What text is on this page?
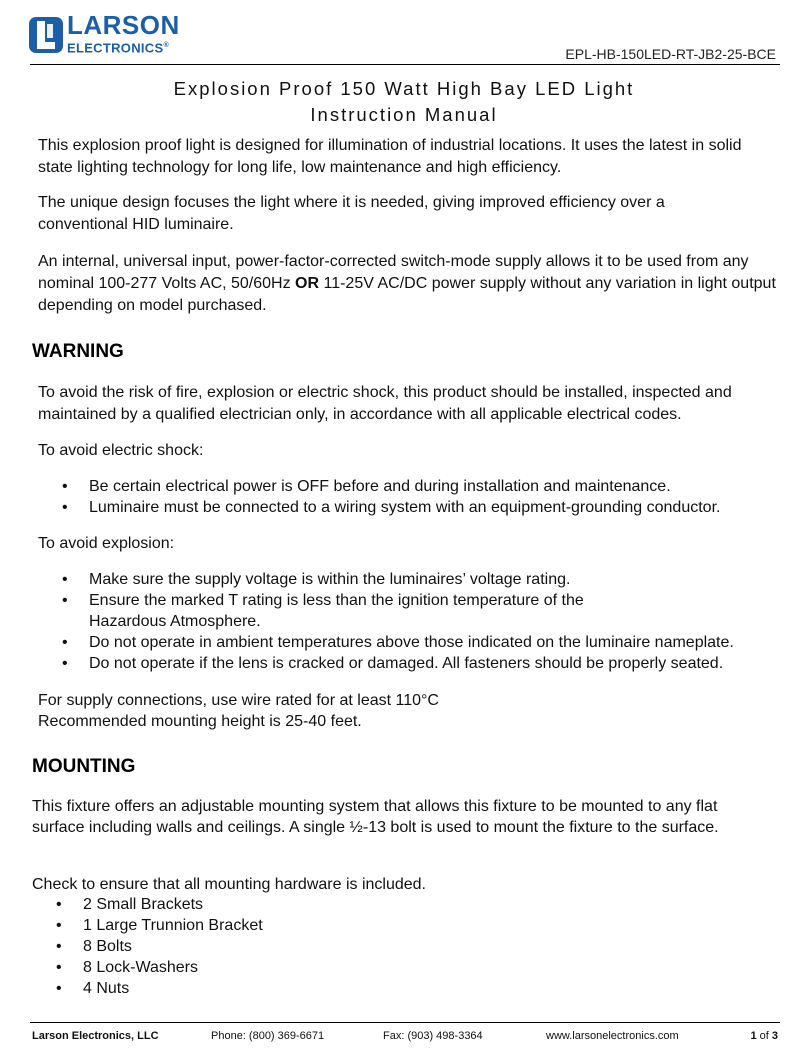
LARSON
ELECTRONICS®
EPL-HB-150LED-RT-JB2-25-BCE
Explosion Proof 150 Watt High Bay LED Light
Instruction Manual

This explosion proof light is designed for illumination of industrial locations. It uses the latest in solid state lighting technology for long life, low maintenance and high efficiency.

The unique design focuses the light where it is needed, giving improved efficiency over a conventional HID luminaire.

An internal, universal input, power-factor-corrected switch-mode supply allows it to be used from any nominal 100-277 Volts AC, 50/60Hz OR 11-25V AC/DC power supply without any variation in light output depending on model purchased.

WARNING

To avoid the risk of fire, explosion or electric shock, this product should be installed, inspected and maintained by a qualified electrician only, in accordance with all applicable electrical codes.

To avoid electric shock:
• Be certain electrical power is OFF before and during installation and maintenance.
• Luminaire must be connected to a wiring system with an equipment-grounding conductor.
To avoid explosion:
• Make sure the supply voltage is within the luminaires’ voltage rating.
• Ensure the marked T rating is less than the ignition temperature of the Hazardous Atmosphere.
• Do not operate in ambient temperatures above those indicated on the luminaire nameplate.
• Do not operate if the lens is cracked or damaged. All fasteners should be properly seated.
For supply connections, use wire rated for at least 110°C
Recommended mounting height is 25-40 feet.
MOUNTING

This fixture offers an adjustable mounting system that allows this fixture to be mounted to any flat surface including walls and ceilings. A single ½-13 bolt is used to mount the fixture to the surface.

Check to ensure that all mounting hardware is included.
• 2 Small Brackets
• 1 Large Trunnion Bracket
• 8 Bolts
• 8 Lock-Washers
• 4 Nuts
Larson Electronics, LLC	Phone: (800) 369-6671	Fax: (903) 498-3364	www.larsonelectronics.com	1 of 3
